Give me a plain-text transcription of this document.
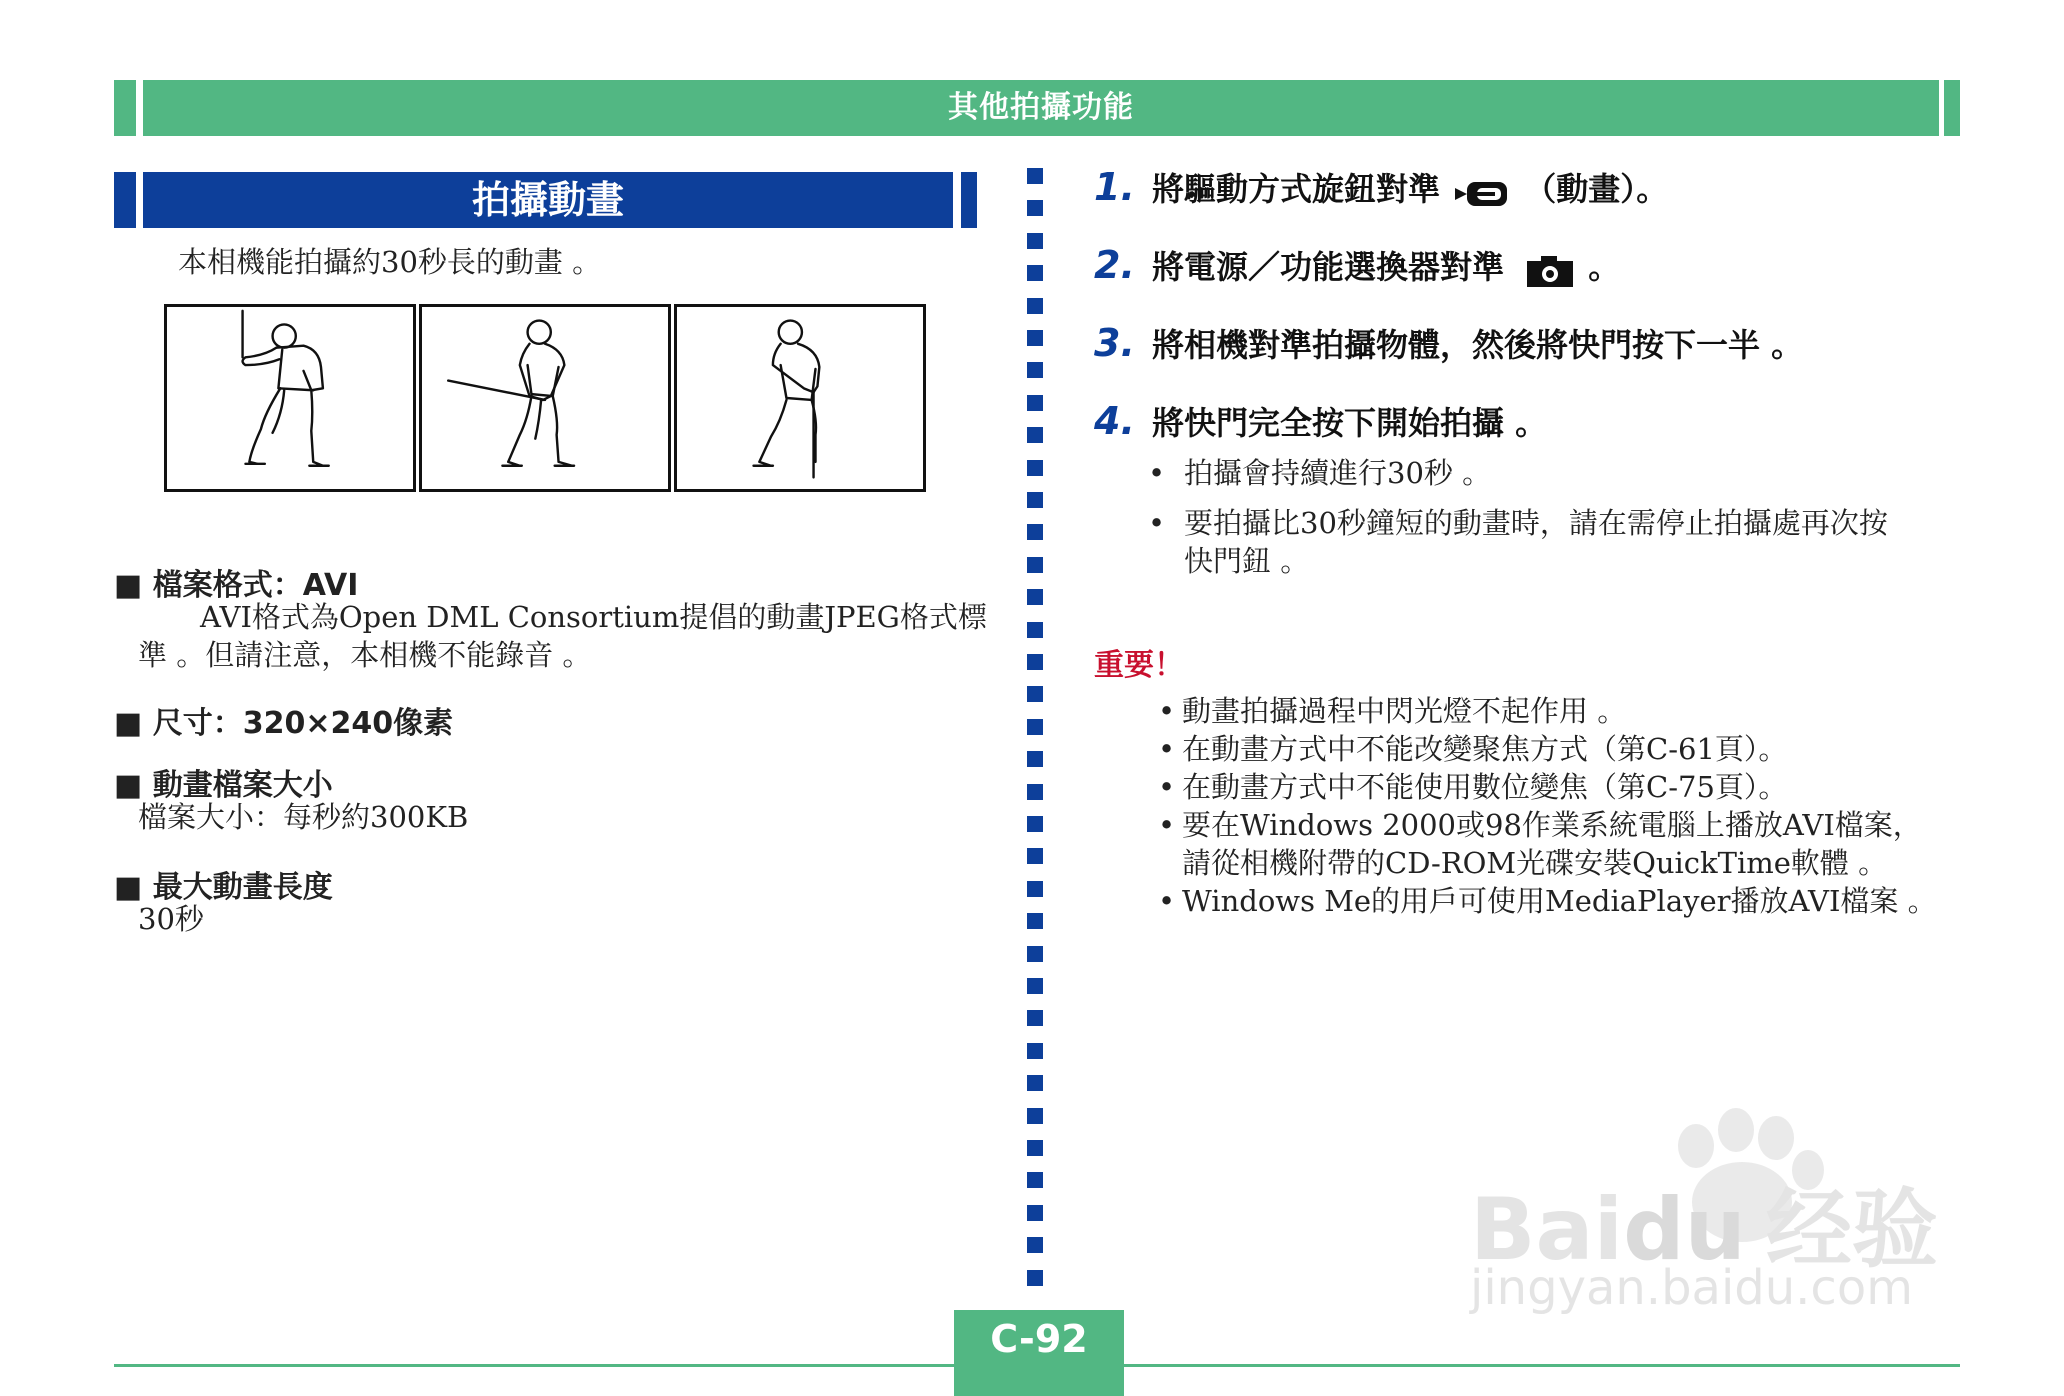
其他拍攝功能
拍攝動畫
本相機能拍攝約30秒長的動畫 。
■ 檔案格式：AVI
AVI格式為Open DML Consortium提倡的動畫JPEG格式標
準 。但請注意，本相機不能錄音 。
■ 尺寸：320×240像素
■ 動畫檔案大小
檔案大小：每秒約300KB
■ 最大動畫長度
30秒
1. 將驅動方式旋鈕對準	（動畫）。
2. 將電源／功能選換器對準	。
3. 將相機對準拍攝物體，然後將快門按下一半 。
4. 將快門完全按下開始拍攝 。
• 拍攝會持續進行30秒 。
• 要拍攝比30秒鐘短的動畫時，請在需停止拍攝處再次按
快門鈕 。
重要！
• 動畫拍攝過程中閃光燈不起作用 。
• 在動畫方式中不能改變聚焦方式（第C-61頁）。
• 在動畫方式中不能使用數位變焦（第C-75頁）。
• 要在Windows 2000或98作業系統電腦上播放AVI檔案，
請從相機附帶的CD-ROM光碟安裝QuickTime軟體 。
• Windows Me的用戶可使用MediaPlayer播放AVI檔案 。
Baidu 经验
jingyan.baidu.com
C-92
